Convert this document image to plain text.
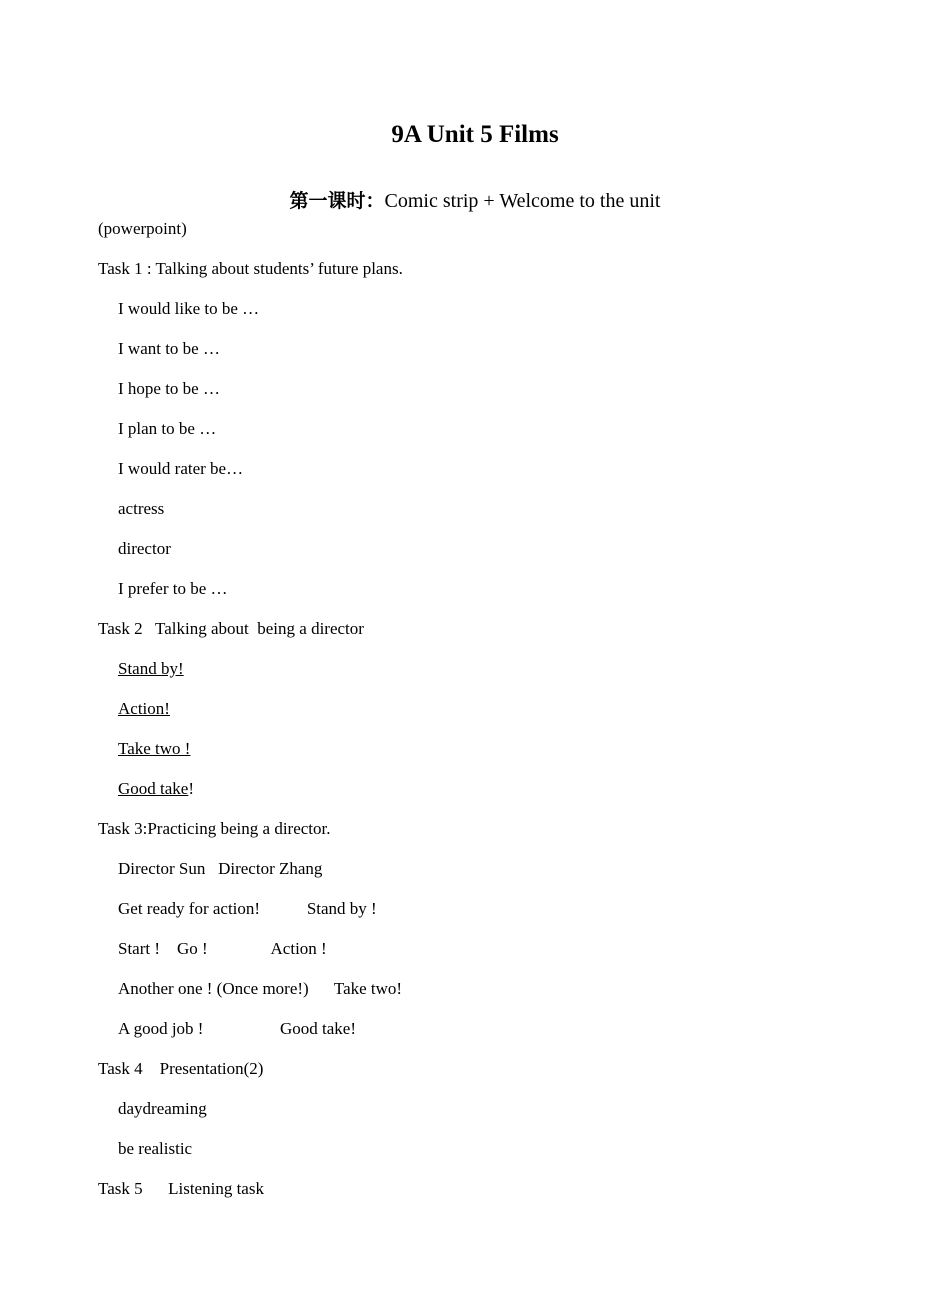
9A Unit 5 Films
第一课时：Comic strip + Welcome to the unit
(powerpoint)
Task 1 : Talking about students’ future plans.
I would like to be …
I want to be …
I hope to be …
I plan to be …
I would rater be…
actress
director
I prefer to be …
Task 2   Talking about  being a director
Stand by!
Action!
Take two !
Good take!
Task 3:Practicing being a director.
Director Sun   Director Zhang
Get ready for action!           Stand by !
Start !    Go !               Action !
Another one ! (Once more!)      Take two!
A good job !                  Good take!
Task 4    Presentation(2)
daydreaming
be realistic
Task 5      Listening task
